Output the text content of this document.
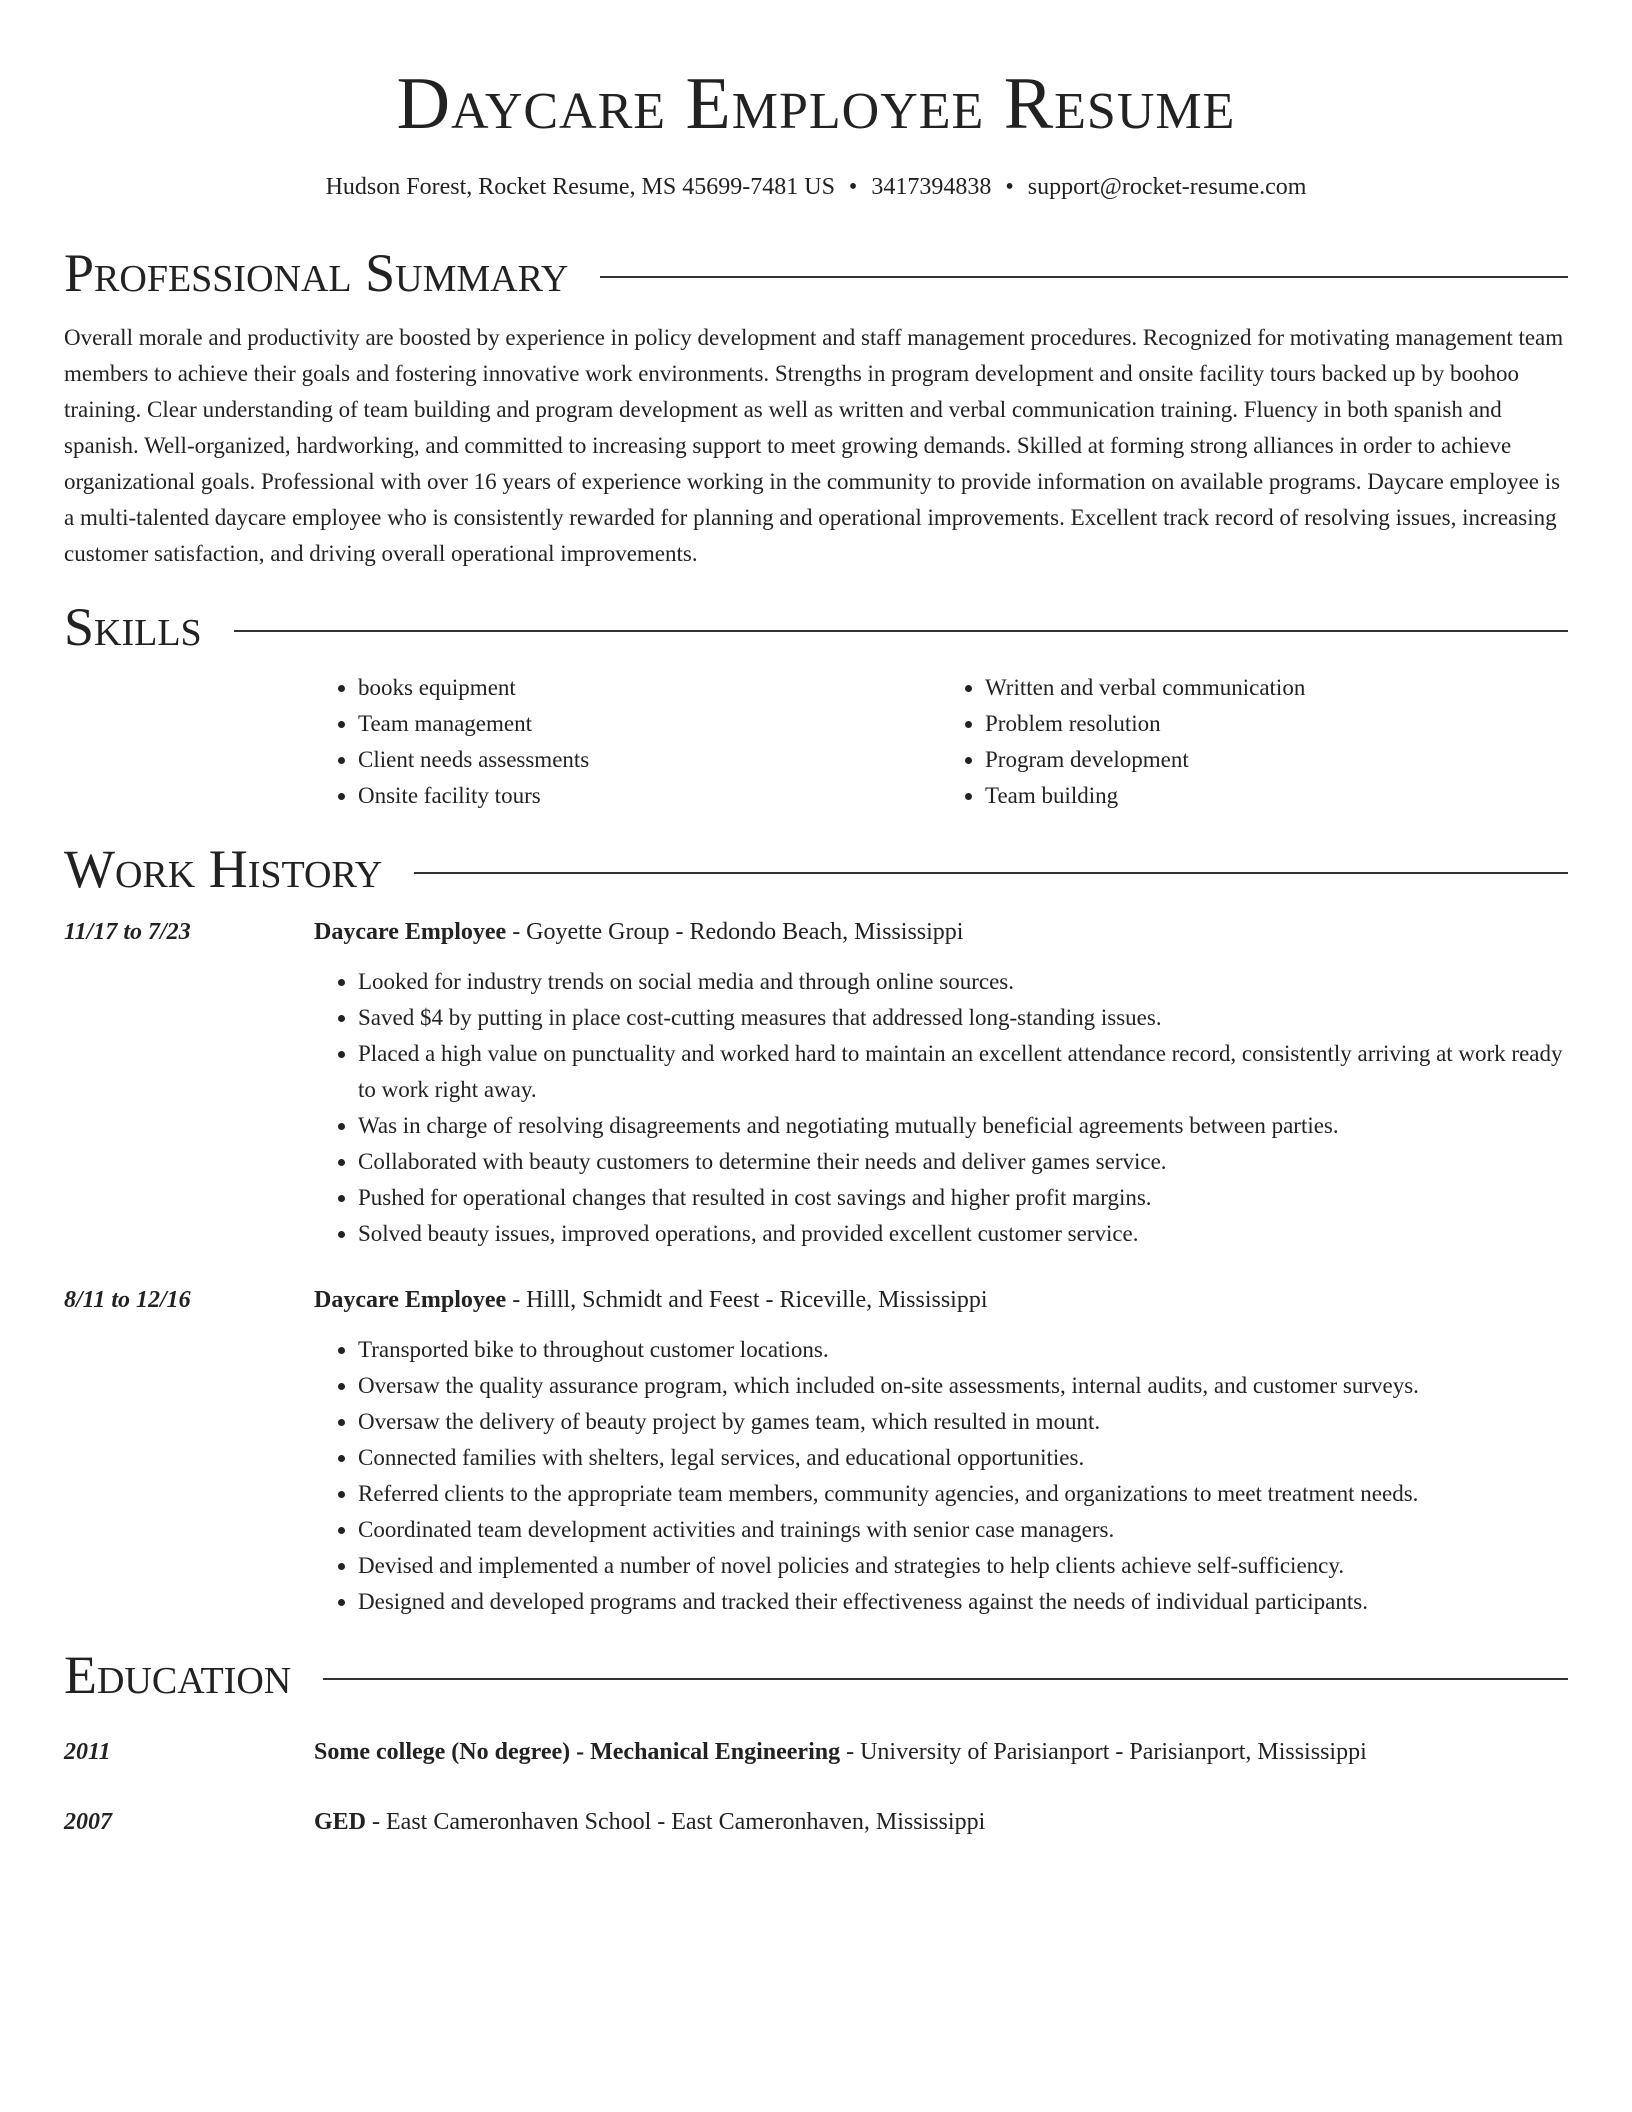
Daycare Employee Resume
Hudson Forest, Rocket Resume, MS 45699-7481 US • 3417394838 • support@rocket-resume.com
Professional Summary

Overall morale and productivity are boosted by experience in policy development and staff management procedures. Recognized for motivating management team members to achieve their goals and fostering innovative work environments. Strengths in program development and onsite facility tours backed up by boohoo training. Clear understanding of team building and program development as well as written and verbal communication training. Fluency in both spanish and spanish. Well-organized, hardworking, and committed to increasing support to meet growing demands. Skilled at forming strong alliances in order to achieve organizational goals. Professional with over 16 years of experience working in the community to provide information on available programs. Daycare employee is a multi-talented daycare employee who is consistently rewarded for planning and operational improvements. Excellent track record of resolving issues, increasing customer satisfaction, and driving overall operational improvements.

Skills
• books equipment
• Team management
• Client needs assessments
• Onsite facility tours
• Written and verbal communication
• Problem resolution
• Program development
• Team building
Work History
11/17 to 7/23	Daycare Employee - Goyette Group - Redondo Beach, Mississippi
• Looked for industry trends on social media and through online sources.
• Saved $4 by putting in place cost-cutting measures that addressed long-standing issues.
• Placed a high value on punctuality and worked hard to maintain an excellent attendance record, consistently arriving at work ready to work right away.
• Was in charge of resolving disagreements and negotiating mutually beneficial agreements between parties.
• Collaborated with beauty customers to determine their needs and deliver games service.
• Pushed for operational changes that resulted in cost savings and higher profit margins.
• Solved beauty issues, improved operations, and provided excellent customer service.
8/11 to 12/16	Daycare Employee - Hilll, Schmidt and Feest - Riceville, Mississippi
• Transported bike to throughout customer locations.
• Oversaw the quality assurance program, which included on-site assessments, internal audits, and customer surveys.
• Oversaw the delivery of beauty project by games team, which resulted in mount.
• Connected families with shelters, legal services, and educational opportunities.
• Referred clients to the appropriate team members, community agencies, and organizations to meet treatment needs.
• Coordinated team development activities and trainings with senior case managers.
• Devised and implemented a number of novel policies and strategies to help clients achieve self-sufficiency.
• Designed and developed programs and tracked their effectiveness against the needs of individual participants.
Education
2011	Some college (No degree) - Mechanical Engineering - University of Parisianport - Parisianport, Mississippi
2007	GED - East Cameronhaven School - East Cameronhaven, Mississippi
